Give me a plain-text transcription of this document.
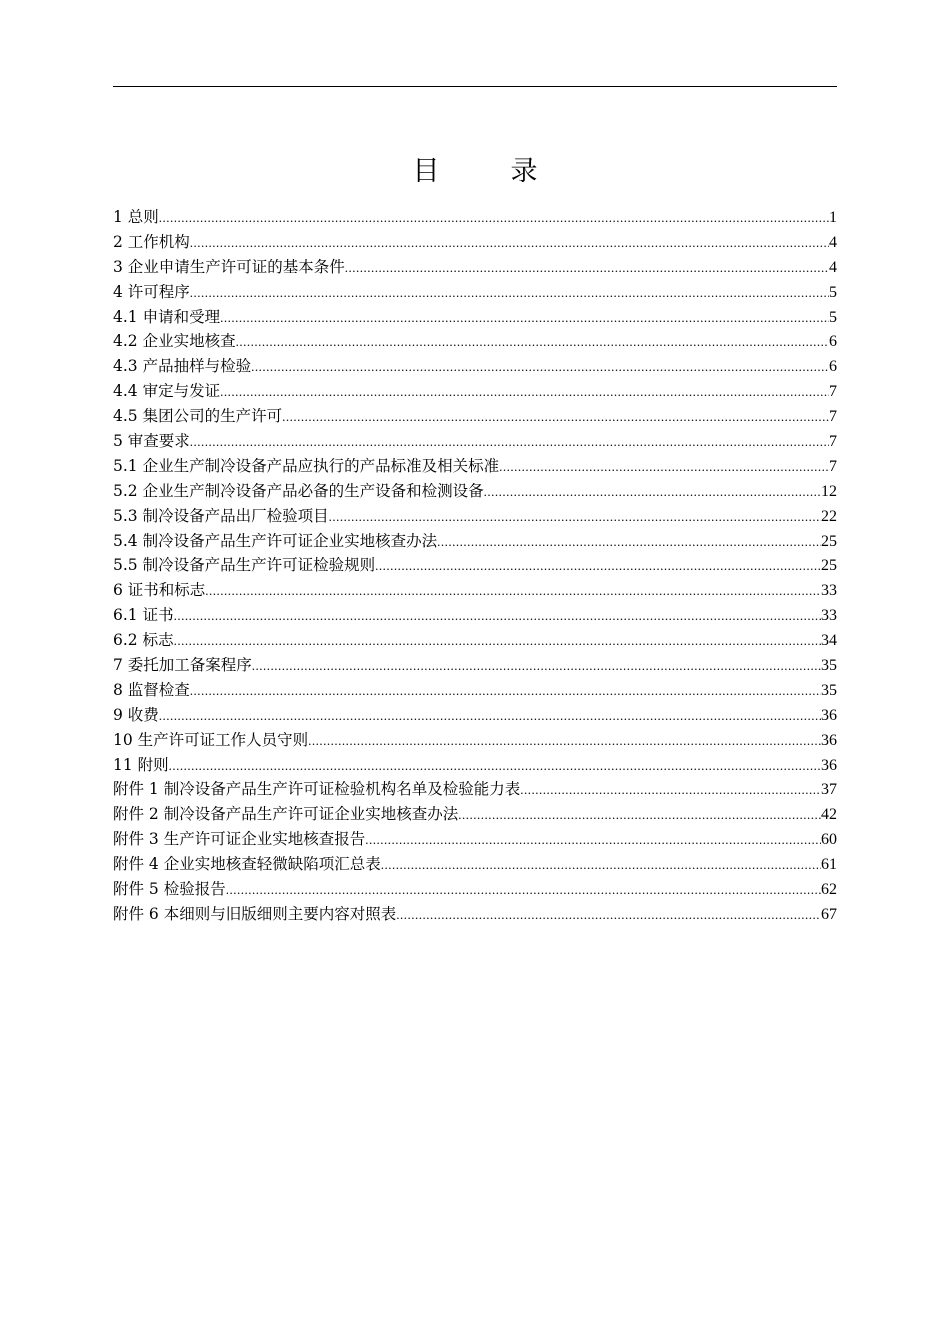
目　录
1 总则 .....	1
2 工作机构 .....	4
3 企业申请生产许可证的基本条件 .....	4
4 许可程序 .....	5
4.1 申请和受理 .....	5
4.2 企业实地核查 .....	6
4.3 产品抽样与检验 .....	6
4.4 审定与发证 .....	7
4.5 集团公司的生产许可 .....	7
5 审查要求 .....	7
5.1 企业生产制冷设备产品应执行的产品标准及相关标准 .....	7
5.2 企业生产制冷设备产品必备的生产设备和检测设备 .....	12
5.3 制冷设备产品出厂检验项目 .....	22
5.4 制冷设备产品生产许可证企业实地核查办法 .....	25
5.5 制冷设备产品生产许可证检验规则 .....	25
6 证书和标志 .....	33
6.1 证书 .....	33
6.2 标志 .....	34
7 委托加工备案程序 .....	35
8 监督检查 .....	35
9 收费 .....	36
10 生产许可证工作人员守则 .....	36
11 附则 .....	36
附件 1 制冷设备产品生产许可证检验机构名单及检验能力表 .....	37
附件 2 制冷设备产品生产许可证企业实地核查办法 .....	42
附件 3 生产许可证企业实地核查报告 .....	60
附件 4 企业实地核查轻微缺陷项汇总表 .....	61
附件 5 检验报告 .....	62
附件 6 本细则与旧版细则主要内容对照表 .....	67
